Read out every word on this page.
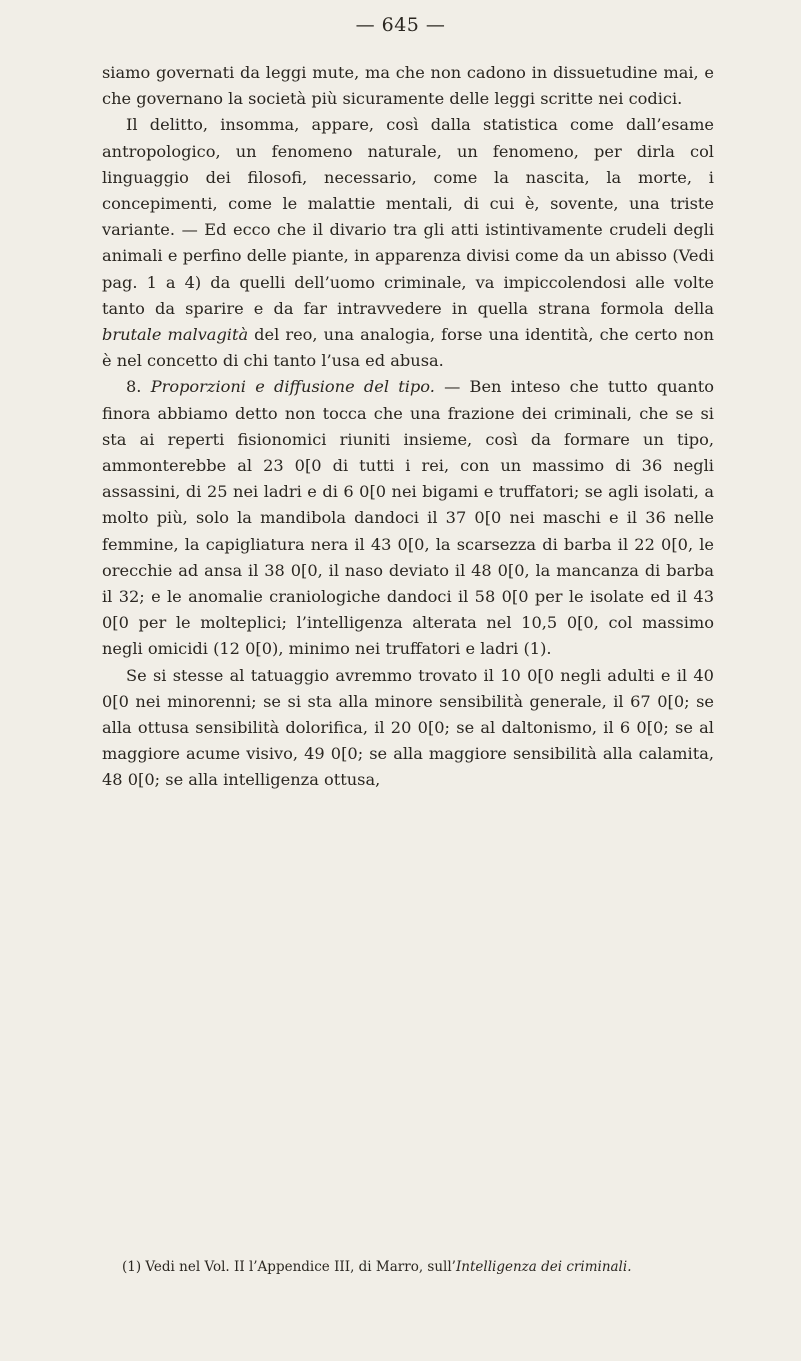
— 645 —

siamo governati da leggi mute, ma che non cadono in dissuetudine mai, e che governano la società più sicuramente delle leggi scritte nei codici.

Il delitto, insomma, appare, così dalla statistica come dall’esame antropologico, un fenomeno naturale, un fenomeno, per dirla col linguaggio dei filosofi, necessario, come la nascita, la morte, i concepimenti, come le malattie mentali, di cui è, sovente, una triste variante. — Ed ecco che il divario tra gli atti istintivamente crudeli degli animali e perfino delle piante, in apparenza divisi come da un abisso (Vedi pag. 1 a 4) da quelli dell’uomo criminale, va impiccolendosi alle volte tanto da sparire e da far intravvedere in quella strana formola della brutale malvagità del reo, una analogia, forse una identità, che certo non è nel concetto di chi tanto l’usa ed abusa.

8. Proporzioni e diffusione del tipo. — Ben inteso che tutto quanto finora abbiamo detto non tocca che una frazione dei criminali, che se si sta ai reperti fisionomici riuniti insieme, così da formare un tipo, ammonterebbe al 23 0[0 di tutti i rei, con un massimo di 36 negli assassini, di 25 nei ladri e di 6 0[0 nei bigami e truffatori; se agli isolati, a molto più, solo la mandibola dandoci il 37 0[0 nei maschi e il 36 nelle femmine, la capigliatura nera il 43 0[0, la scarsezza di barba il 22 0[0, le orecchie ad ansa il 38 0[0, il naso deviato il 48 0[0, la mancanza di barba il 32; e le anomalie craniologiche dandoci il 58 0[0 per le isolate ed il 43 0[0 per le molteplici; l’intelligenza alterata nel 10,5 0[0, col massimo negli omicidi (12 0[0), minimo nei truffatori e ladri (1).

Se si stesse al tatuaggio avremmo trovato il 10 0[0 negli adulti e il 40 0[0 nei minorenni; se si sta alla minore sensibilità generale, il 67 0[0; se alla ottusa sensibilità dolorifica, il 20 0[0; se al daltonismo, il 6 0[0; se al maggiore acume visivo, 49 0[0; se alla maggiore sensibilità alla calamita, 48 0[0; se alla intelligenza ottusa,

(1) Vedi nel Vol. II l’Appendice III, di Marro, sull’Intelligenza dei criminali.
